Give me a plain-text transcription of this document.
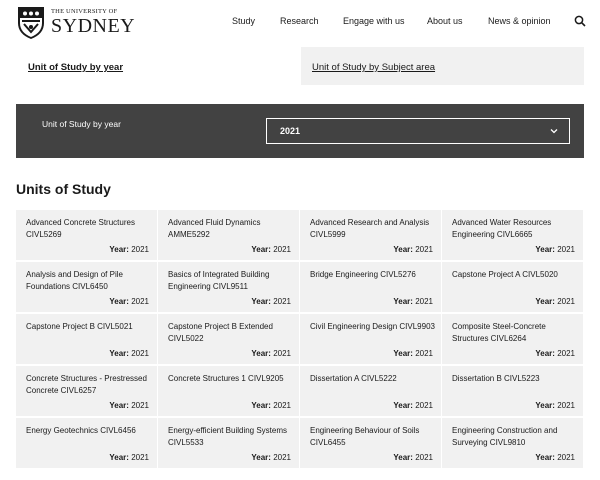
THE UNIVERSITY OF
SYDNEY	Study	Research	Engage with us About us	News & opinion
Unit of Study by year	Unit of Study by Subject area
Unit of Study by year
2021
Units of Study
Advanced Concrete Structures CIVL5269
Year: 2021
Advanced Fluid Dynamics AMME5292
Year: 2021
Advanced Research and Analysis CIVL5999
Year: 2021
Advanced Water Resources Engineering CIVL6665
Year: 2021
Analysis and Design of Pile Foundations CIVL6450
Year: 2021
Basics of Integrated Building Engineering CIVL9511
Year: 2021
Bridge Engineering CIVL5276
Year: 2021
Capstone Project A CIVL5020
Year: 2021
Capstone Project B CIVL5021
Year: 2021
Capstone Project B Extended CIVL5022
Year: 2021
Civil Engineering Design CIVL9903
Year: 2021
Composite Steel-Concrete Structures CIVL6264
Year: 2021
Concrete Structures - Prestressed Concrete CIVL6257
Year: 2021
Concrete Structures 1 CIVL9205
Year: 2021
Dissertation A CIVL5222
Year: 2021
Dissertation B CIVL5223
Year: 2021
Energy Geotechnics CIVL6456
Year: 2021
Energy-efficient Building Systems CIVL5533
Year: 2021
Engineering Behaviour of Soils CIVL6455
Year: 2021
Engineering Construction and Surveying CIVL9810
Year: 2021
